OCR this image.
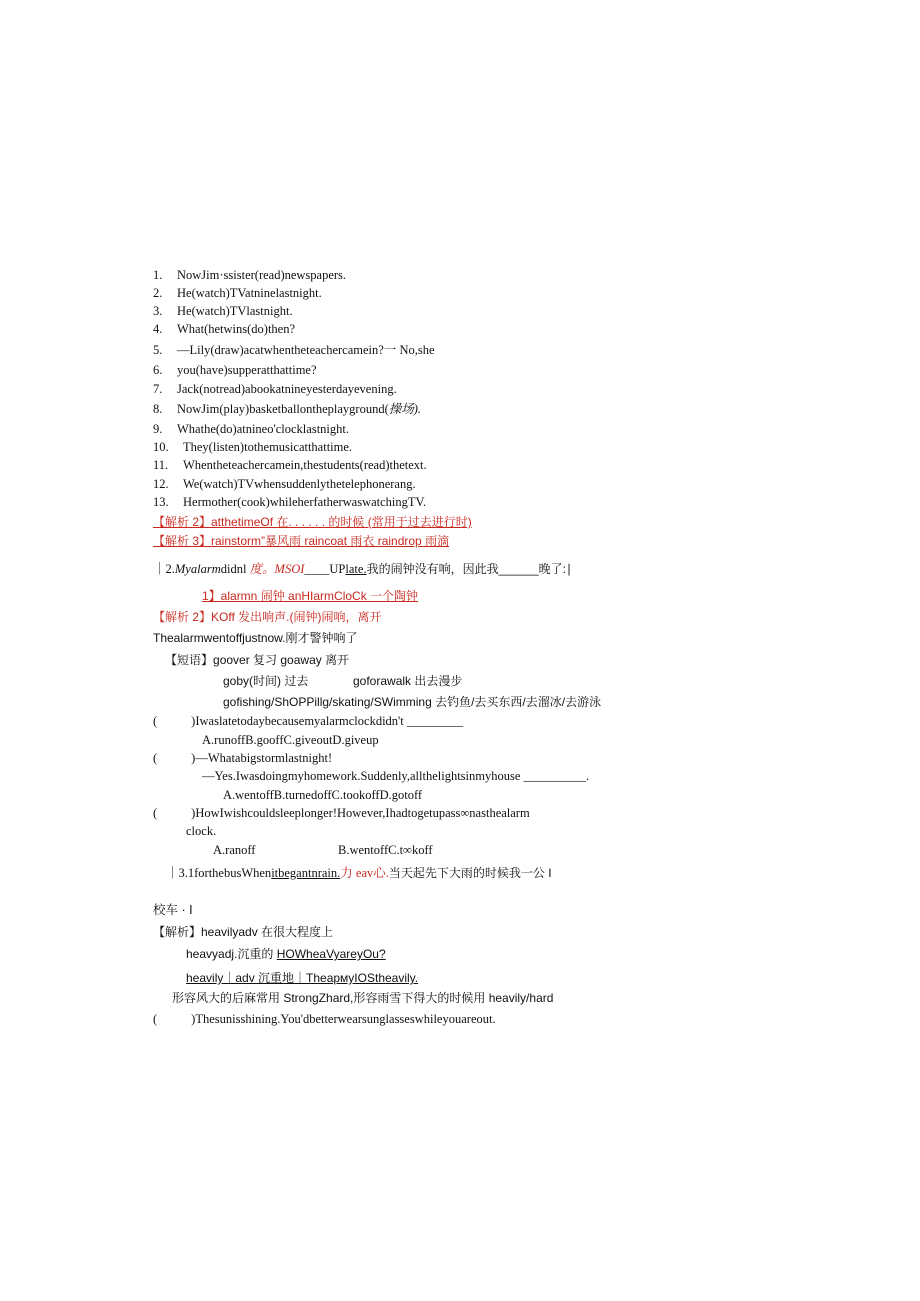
1. NowJim·ssister(read)newspapers.
2. He(watch)TVatninelastnight.
3. He(watch)TVlastnight.
4. What(hetwins(do)then?
5. —Lily(draw)acatwhentheteachercamein?一 No,she
6. you(have)supperatthattime?
7. Jack(notread)abookatnineyesterdayevening.
8. NowJim(play)basketballontheplayground(操场).
9. Whathe(do)atnineo'clocklastnight.
10. They(listen)tothemusicatthattime.
11. Whentheteachercamein,thestudents(read)thetext.
12. We(watch)TVwhensuddenlythetelephonerang.
13. Hermother(cook)whileherfatherwaswatchingTV.
【解析 2】atthetimeOf 在. . . . . . 的时候 (常用于过去进行时)
【解析 3】rainstorm”暴风雨 raincoat 雨衣 raindrop 雨滴
｜2.Myalarmdidnl 度。MSOI____UPlate.我的闹钟没有响，因此我______晚了:∣
1】alarmn 闹钟 anHIarmCloCk 一个陶钟
【解析 2】KOff 发出响声.(闹钟)闹响，离开
Thealarmwentoffjustnow.刚才警钟响了
【短语】goover 复习 goaway 离开
goby(时间) 过去	goforawalk 出去漫步
gofishing/ShOPPillg/skating/SWimming 去钓鱼/去买东西/去溜冰/去游泳
(	)Iwaslatetodaybecausemyalarmclockdidn't _________
A.runoffB.gooffC.giveoutD.giveup
(	)—Whatabigstormlastnight!
—Yes.Iwasdoingmyhomework.Suddenly,allthelightsinmyhouse __________.
A.wentoffB.turnedoffC.tookoffD.gotoff
(	)HowIwishcouldsleeplonger!However,Ihadtogetupass∞nasthealarm
clock.
A.ranoff	B.wentoffC.t∞koff
｜3.1forthebusWhenitbegantnrain.力 eav心.当天起先下大雨的时候我一公 I
校车 · I
【解析】heavilyadv 在很大程度上
heavyadj.沉重的 HOWheaVyareyOu?
heavily｜adv 沉重地｜TheармyIOStheavily.
形容风大的后麻常用 StrongZhard,形容雨雪下得大的时候用 heavily/hard
(	)Thesunisshining.You'dbetterwearsunglasseswhileyouareout.
